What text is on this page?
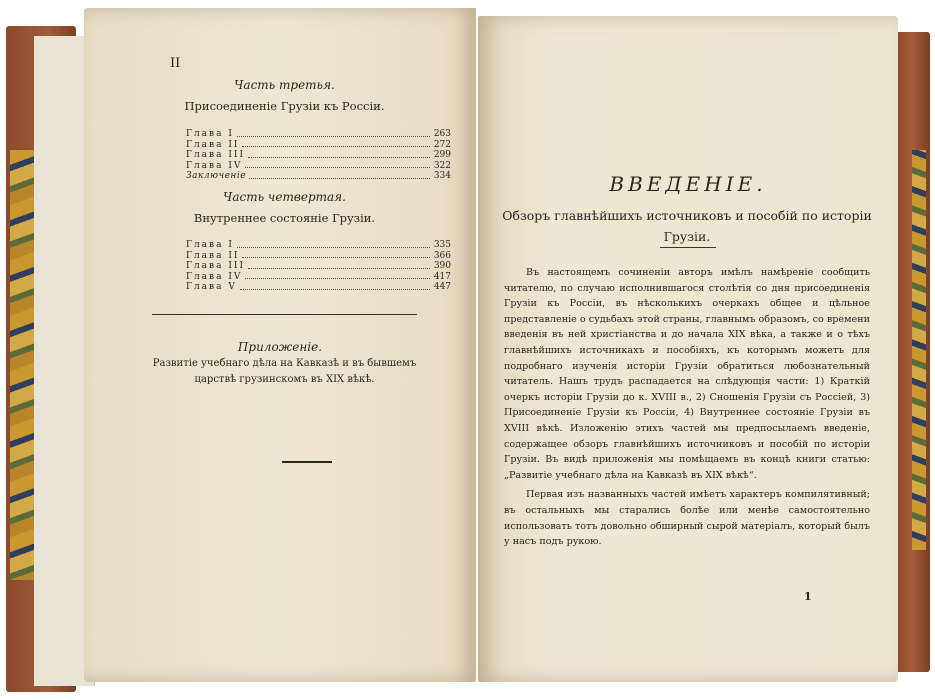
II
Часть третья.
Присоединенie Грузiи къ Россiи.
Глава I	263
Глава II	272
Глава III	299
Глава IV	322
Заключенiе	334
Часть четвертая.
Внутреннее состоянiе Грузiи.
Глава I	335
Глава II	366
Глава III	390
Глава IV	417
Глава V	447
Приложенiе.
Развитiе учебнаго дѣла на Кавказѣ и въ бывшемъ царствѣ грузинскомъ въ XIX вѣкѣ.
ВВЕДЕНIЕ.
Обзоръ главнѣйшихъ источниковъ и пособiй по исторiи Грузiи.

Въ настоящемъ сочиненiи авторъ имѣлъ намѣренiе сообщить читателю, по случаю исполнившагося столѣтiя со дня присоединенiя Грузiи къ Россiи, въ нѣсколькихъ очеркахъ общее и цѣльное представленiе о судьбахъ этой страны, главнымъ образомъ, со времени введенiя въ ней христiанства и до начала XIX вѣка, а также и о тѣхъ главнѣйшихъ источникахъ и пособiяхъ, къ которымъ можетъ для подробнаго изученiя исторiи Грузiи обратиться любознательный читатель. Нашъ трудъ распадается на слѣдующiя части: 1) Краткiй очеркъ исторiи Грузiи до к. XVIII в., 2) Сношенiя Грузiи съ Россiей, 3) Присоединенiе Грузiи къ Россiи, 4) Внутреннее состоянiе Грузiи въ XVIII вѣкѣ. Изложенiю этихъ частей мы предпосылаемъ введенiе, содержащее обзоръ главнѣйшихъ источниковъ и пособiй по исторiи Грузiи. Въ видѣ приложенiя мы помѣщаемъ въ концѣ книги статью: „Развитiе учебнаго дѣла на Кавказѣ въ XIX вѣкѣ“.

Первая изъ названныхъ частей имѣетъ характеръ компилятивный; въ остальныхъ мы старались болѣе или менѣе самостоятельно использовать тотъ довольно обширный сырой матерiалъ, который былъ у насъ подъ рукою.

1
